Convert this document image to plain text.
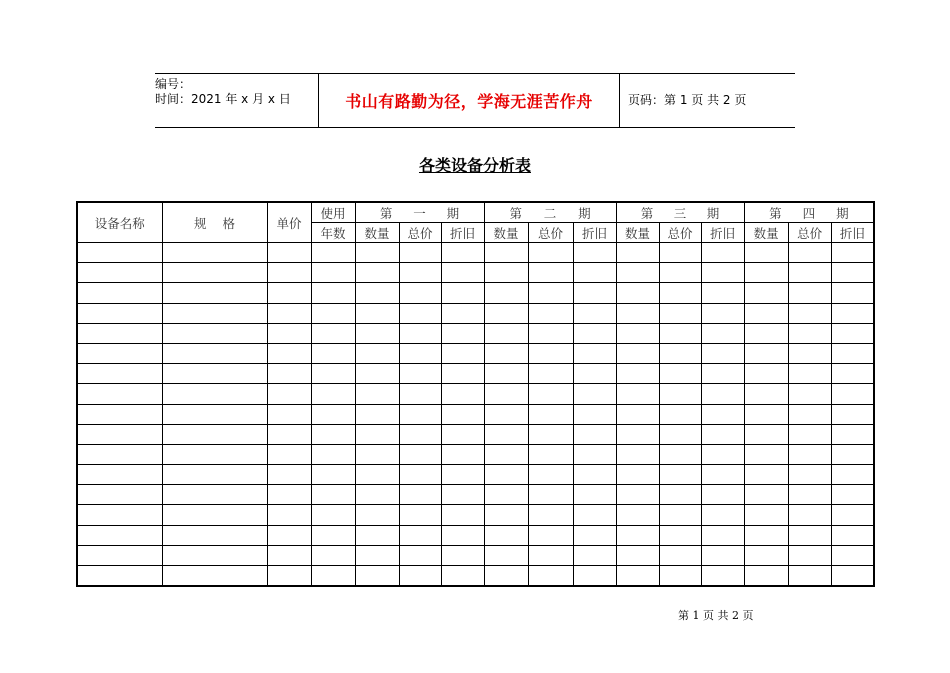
编号：
时间：2021 年 x 月 x 日	书山有路勤为径，学海无涯苦作舟	页码：第 1 页 共 2 页
各类设备分析表
设备名称	规    格	单价	使用	第 一 期			第 二 期			第 三 期			第 四 期		

			年数	数量	总价	折旧	数量	总价	折旧	数量	总价	折旧	数量	总价	折旧

第 1 页 共 2 页
